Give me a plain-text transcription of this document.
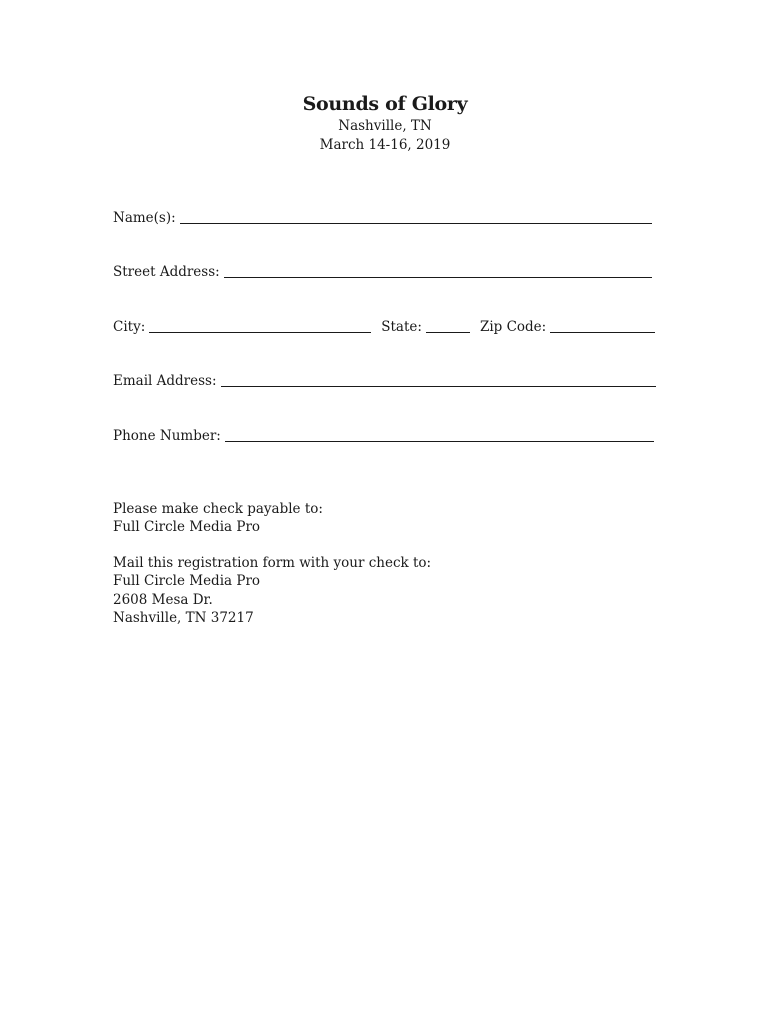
Sounds of Glory
Nashville, TN
March 14-16, 2019
Name(s):
Street Address:
City:	State:	Zip Code:
Email Address:
Phone Number:
Please make check payable to:
Full Circle Media Pro
Mail this registration form with your check to:
Full Circle Media Pro
2608 Mesa Dr.
Nashville, TN 37217
